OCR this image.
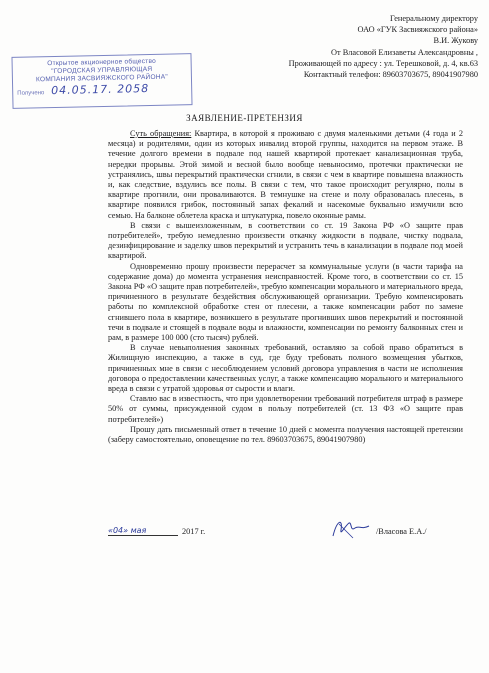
Генеральному директору
ОАО «ГУК Засвияжского района»
В.И. Жукову
От Власовой Елизаветы Александровны ,
Проживающей по адресу : ул. Терешковой, д. 4, кв.63
Контактный телефон: 89603703675, 89041907980
Открытое акционерное общество
"ГОРОДСКАЯ УПРАВЛЯЮЩАЯ
КОМПАНИЯ ЗАСВИЯЖСКОГО РАЙОНА"
Получено 04.05.17. 2058
ЗАЯВЛЕНИЕ-ПРЕТЕНЗИЯ

Суть обращения: Квартира, в которой я проживаю с двумя маленькими детьми (4 года и 2 месяца) и родителями, один из которых инвалид второй группы, находится на первом этаже. В течение долгого времени в подвале под нашей квартирой протекает канализационная труба, нередки прорывы. Этой зимой и весной было вообще невыносимо, протечки практически не устранялись, швы перекрытий практически сгнили, в связи с чем в квартире повышена влажность и, как следствие, вздулись все полы. В связи с тем, что такое происходит регулярно, полы в квартире прогнили, они проваливаются. В темнушке на стене и полу образовалась плесень, в квартире появился грибок, постоянный запах фекалий и насекомые буквально измучили всю семью. На балконе облетела краска и штукатурка, повело оконные рамы.

В связи с вышеизложенным, в соответствии со ст. 19 Закона РФ «О защите прав потребителей», требую немедленно произвести откачку жидкости в подвале, чистку подвала, дезинфицирование и заделку швов перекрытий и устранить течь в канализации в подвале под моей квартирой.

Одновременно прошу произвести перерасчет за коммунальные услуги (в части тарифа на содержание дома) до момента устранения неисправностей. Кроме того, в соответствии со ст. 15 Закона РФ «О защите прав потребителей», требую компенсации морального и материального вреда, причиненного в результате бездействия обслуживающей организации. Требую компенсировать работы по комплексной обработке стен от плесени, а также компенсации работ по замене сгнившего пола в квартире, возникшего в результате прогнивших швов перекрытий и постоянной течи в подвале и стоящей в подвале воды и влажности, компенсации по ремонту балконных стен и рам, в размере 100 000 (сто тысяч) рублей.

В случае невыполнения законных требований, оставляю за собой право обратиться в Жилищную инспекцию, а также в суд, где буду требовать полного возмещения убытков, причиненных мне в связи с несоблюдением условий договора управления в части не исполнения договора о предоставлении качественных услуг, а также компенсацию морального и материального вреда в связи с утратой здоровья от сырости и влаги.

Ставлю вас в известность, что при удовлетворении требований потребителя штраф в размере 50% от суммы, присужденной судом в пользу потребителей (ст. 13 ФЗ «О защите прав потребителей»)

Прошу дать письменный ответ в течение 10 дней с момента получения настоящей претензии (заберу самостоятельно, оповещение по тел. 89603703675, 89041907980)

«04» мая	2017 г.	/Власова Е.А./
